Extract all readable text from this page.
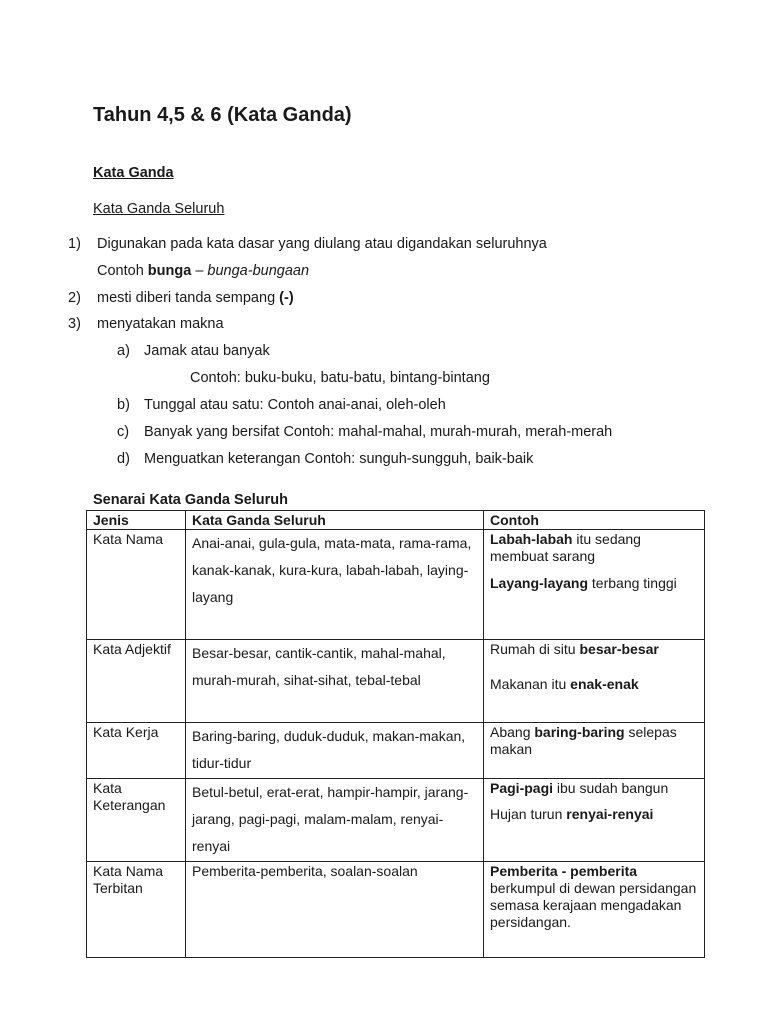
Tahun 4,5 & 6 (Kata Ganda)
Kata Ganda
Kata Ganda Seluruh
1) Digunakan pada kata dasar yang diulang atau digandakan seluruhnya
Contoh bunga – bunga-bungaan
2) mesti diberi tanda sempang (-)
3) menyatakan makna
a) Jamak atau banyak
Contoh: buku-buku, batu-batu, bintang-bintang
b) Tunggal atau satu: Contoh anai-anai, oleh-oleh
c) Banyak yang bersifat Contoh: mahal-mahal, murah-murah, merah-merah
d) Menguatkan keterangan Contoh: sunguh-sungguh, baik-baik
Senarai Kata Ganda Seluruh
Jenis	Kata Ganda Seluruh	Contoh
Kata Nama	Anai-anai, gula-gula, mata-mata, rama-rama, kanak-kanak, kura-kura, labah-labah, laying-layang	Labah-labah itu sedang membuat sarang
Layang-layang terbang tinggi

Kata Adjektif	Besar-besar, cantik-cantik, mahal-mahal, murah-murah, sihat-sihat, tebal-tebal	Rumah di situ besar-besar
Makanan itu enak-enak

Kata Kerja	Baring-baring, duduk-duduk, makan-makan, tidur-tidur	Abang baring-baring selepas makan

Kata Keterangan	Betul-betul, erat-erat, hampir-hampir, jarang-jarang, pagi-pagi, malam-malam, renyai-renyai	Pagi-pagi ibu sudah bangun
Hujan turun renyai-renyai

Kata Nama Terbitan	Pemberita-pemberita, soalan-soalan	Pemberita - pemberita berkumpul di dewan persidangan semasa kerajaan mengadakan persidangan.
